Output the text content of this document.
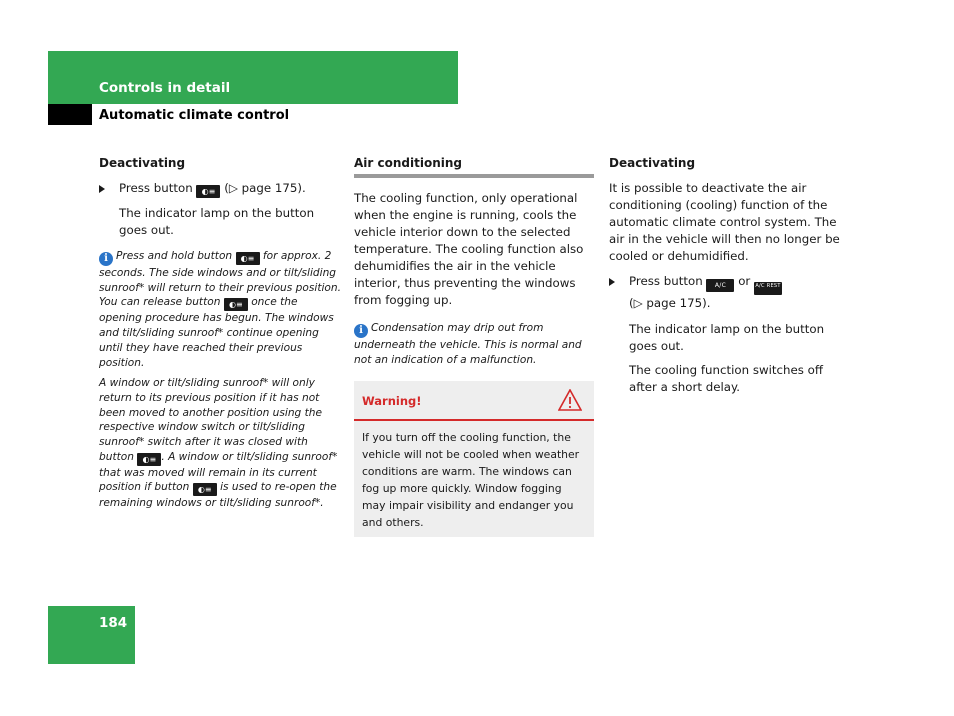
Controls in detail
Automatic climate control
Deactivating
Press button ◐≡	(▷ page 175).
The indicator lamp on the button goes out.
i Press and hold button ◐≡	for approx. 2 seconds. The side windows and or tilt/sliding sunroof* will return to their previous position. You can release button ◐≡	once the opening procedure has begun. The windows and tilt/sliding sunroof* continue opening until they have reached their previous position.
A window or tilt/sliding sunroof* will only return to its previous position if it has not been moved to another position using the respective window switch or tilt/sliding sunroof* switch after it was closed with button ◐≡	. A window or tilt/sliding sunroof* that was moved will remain in its current position if button ◐≡	is used to re-open the remaining windows or tilt/sliding sunroof*.
Air conditioning
The cooling function, only operational when the engine is running, cools the vehicle interior down to the selected temperature. The cooling function also dehumidifies the air in the vehicle interior, thus preventing the windows from fogging up.
i Condensation may drip out from underneath the vehicle. This is normal and not an indication of a malfunction.
Warning!
If you turn off the cooling function, the vehicle will not be cooled when weather conditions are warm. The windows can fog up more quickly. Window fogging may impair visibility and endanger you and others.
Deactivating
It is possible to deactivate the air conditioning (cooling) function of the automatic climate control system. The air in the vehicle will then no longer be cooled or dehumidified.
Press button A/C or A/C REST
(▷ page 175).
The indicator lamp on the button goes out.
The cooling function switches off after a short delay.
184
